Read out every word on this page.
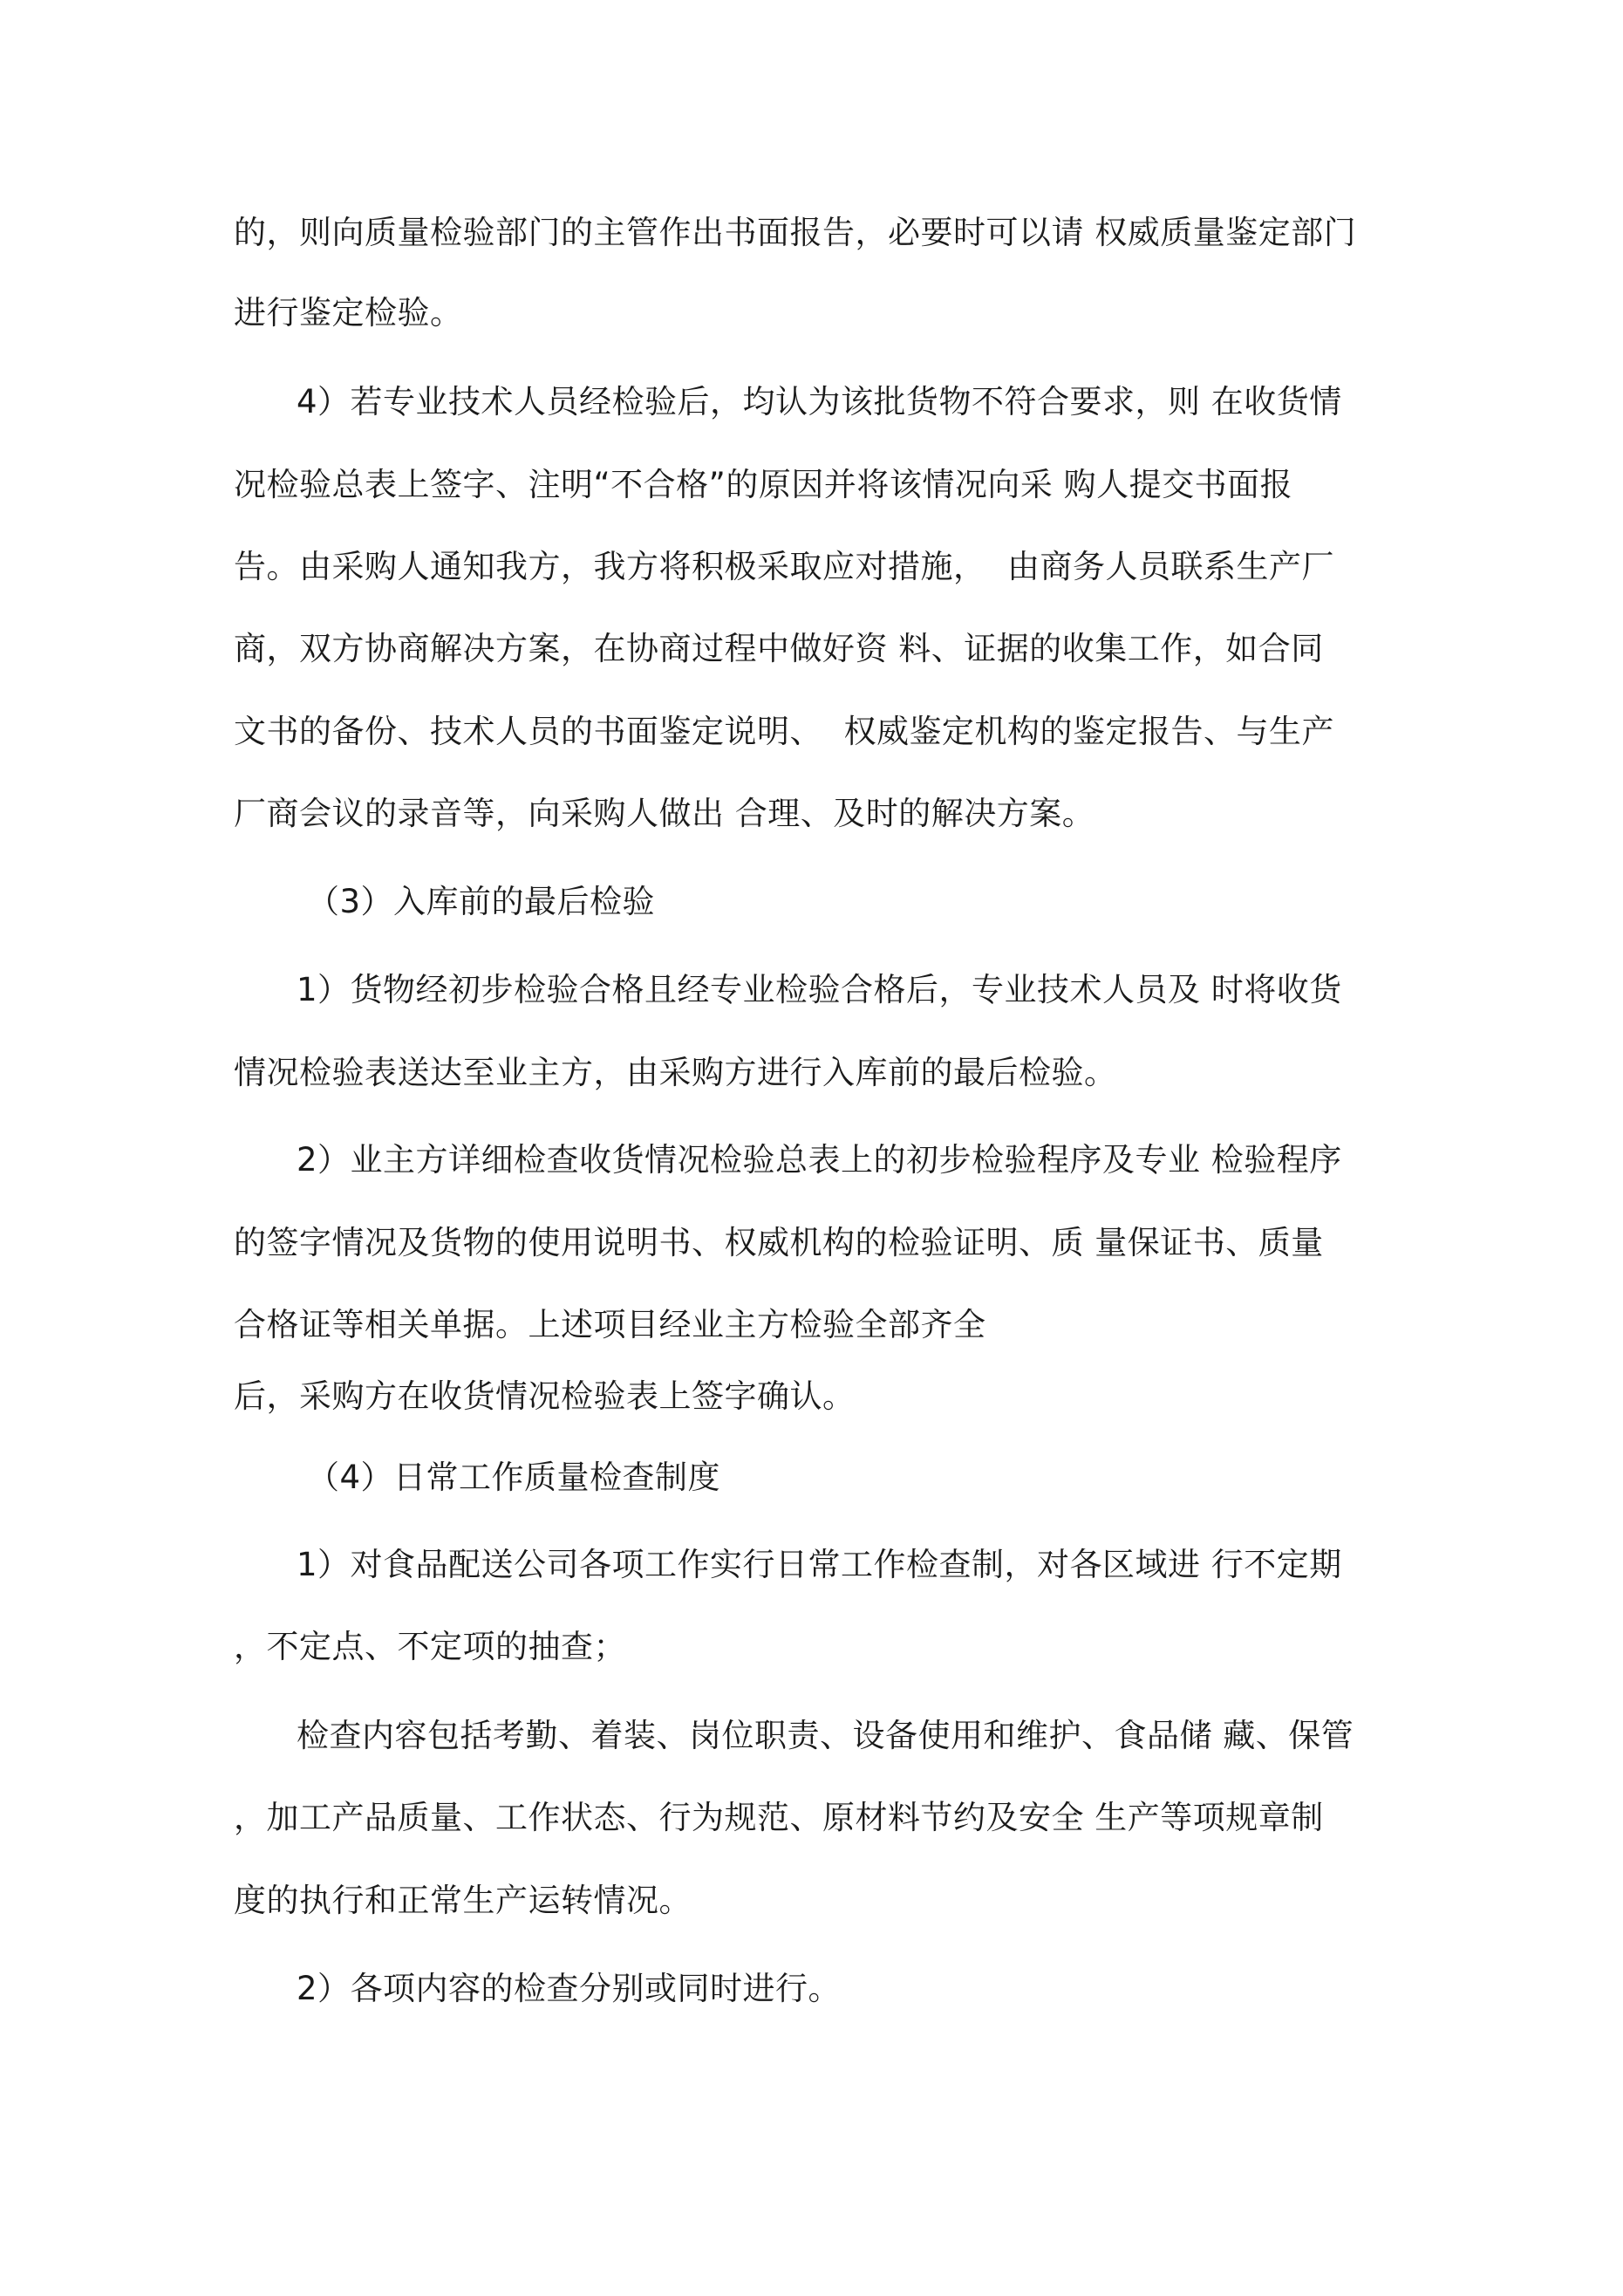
的，则向质量检验部门的主管作出书面报告，必要时可以请 权威质量鉴定部门
进行鉴定检验。
4）若专业技术人员经检验后，均认为该批货物不符合要求，则 在收货情
况检验总表上签字、注明“不合格”的原因并将该情况向采 购人提交书面报
告。由采购人通知我方，我方将积极采取应对措施，  由商务人员联系生产厂
商，双方协商解决方案，在协商过程中做好资 料、证据的收集工作，如合同
文书的备份、技术人员的书面鉴定说明、  权威鉴定机构的鉴定报告、与生产
厂商会议的录音等，向采购人做出 合理、及时的解决方案。
（3）入库前的最后检验
1）货物经初步检验合格且经专业检验合格后，专业技术人员及 时将收货
情况检验表送达至业主方，由采购方进行入库前的最后检验。
2）业主方详细检查收货情况检验总表上的初步检验程序及专业 检验程序
的签字情况及货物的使用说明书、权威机构的检验证明、质 量保证书、质量
合格证等相关单据。上述项目经业主方检验全部齐全
后，采购方在收货情况检验表上签字确认。
（4）日常工作质量检查制度
1）对食品配送公司各项工作实行日常工作检查制，对各区域进 行不定期
，不定点、不定项的抽查；
检查内容包括考勤、着装、岗位职责、设备使用和维护、食品储 藏、保管
，加工产品质量、工作状态、行为规范、原材料节约及安全 生产等项规章制
度的执行和正常生产运转情况。
2）各项内容的检查分别或同时进行。
